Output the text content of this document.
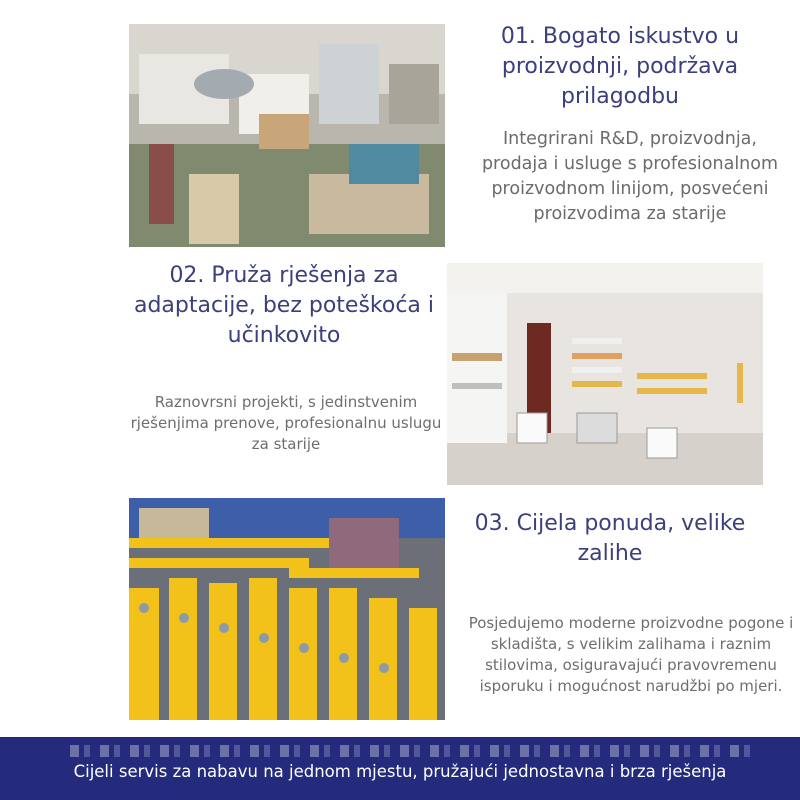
01. Bogato iskustvo u proizvodnji, podržava prilagodbu
Integrirani R&D, proizvodnja, prodaja i usluge s profesionalnom proizvodnom linijom, posvećeni proizvodima za starije
02. Pruža rješenja za adaptacije, bez poteškoća i učinkovito
Raznovrsni projekti, s jedinstvenim rješenjima prenove, profesionalnu uslugu za starije
03. Cijela ponuda, velike zalihe
Posjedujemo moderne proizvodne pogone i skladišta, s velikim zalihama i raznim stilovima, osiguravajući pravovremenu isporuku i mogućnost narudžbi po mjeri.
Cijeli servis za nabavu na jednom mjestu, pružajući jednostavna i brza rješenja
